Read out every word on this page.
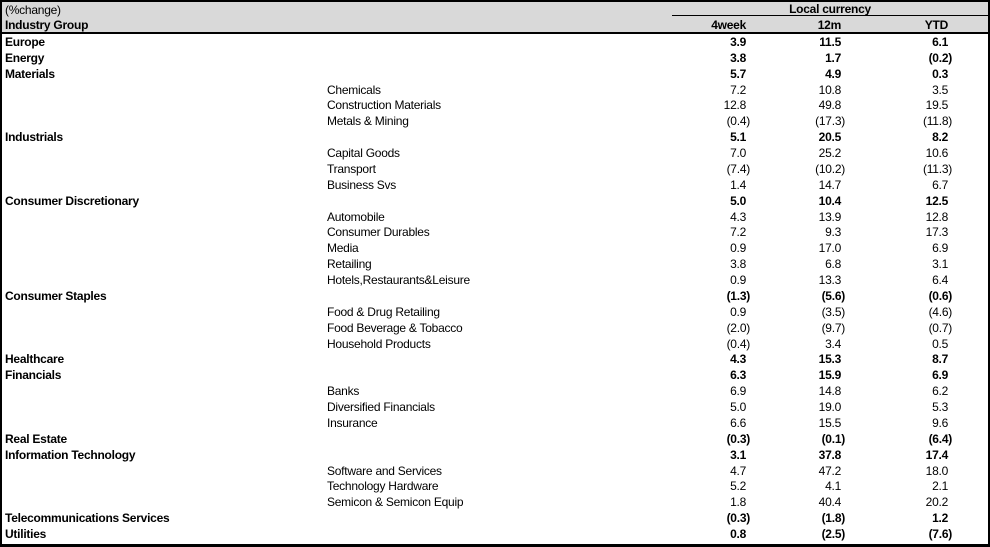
(%change)
Industry Group
Local currency
4week	12m	YTD
Europe	3.9	11.5	6.1
Energy	3.8	1.7	(0.2)
Materials	5.7	4.9	0.3
Chemicals	7.2	10.8	3.5
Construction Materials	12.8	49.8	19.5
Metals & Mining	(0.4)	(17.3)	(11.8)
Industrials	5.1	20.5	8.2
Capital Goods	7.0	25.2	10.6
Transport	(7.4)	(10.2)	(11.3)
Business Svs	1.4	14.7	6.7
Consumer Discretionary	5.0	10.4	12.5
Automobile	4.3	13.9	12.8
Consumer Durables	7.2	9.3	17.3
Media	0.9	17.0	6.9
Retailing	3.8	6.8	3.1
Hotels,Restaurants&Leisure	0.9	13.3	6.4
Consumer Staples	(1.3)	(5.6)	(0.6)
Food & Drug Retailing	0.9	(3.5)	(4.6)
Food Beverage & Tobacco	(2.0)	(9.7)	(0.7)
Household Products	(0.4)	3.4	0.5
Healthcare	4.3	15.3	8.7
Financials	6.3	15.9	6.9
Banks	6.9	14.8	6.2
Diversified Financials	5.0	19.0	5.3
Insurance	6.6	15.5	9.6
Real Estate	(0.3)	(0.1)	(6.4)
Information Technology	3.1	37.8	17.4
Software and Services	4.7	47.2	18.0
Technology Hardware	5.2	4.1	2.1
Semicon & Semicon Equip	1.8	40.4	20.2
Telecommunications Services	(0.3)	(1.8)	1.2
Utilities	0.8	(2.5)	(7.6)
